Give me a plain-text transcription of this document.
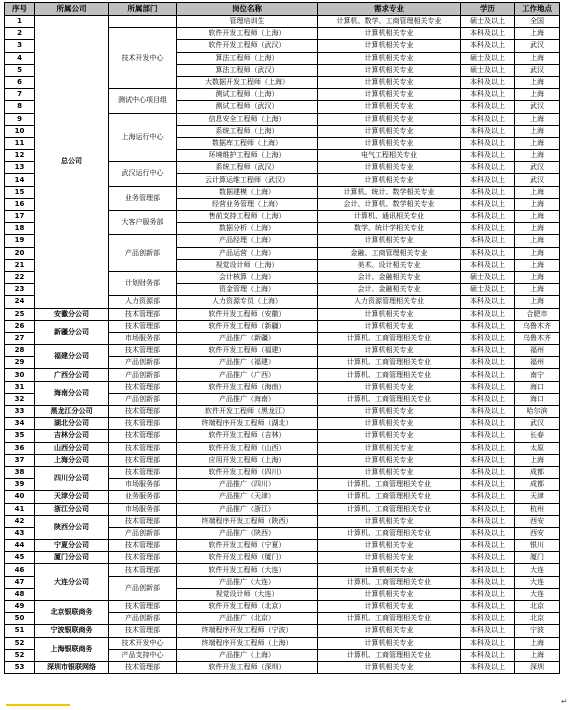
序号	所属公司	所属部门	岗位名称	需求专业	学历	工作地点
1	总公司		管理培训生	计算机、数学、工商管理相关专业	硕士及以上	全国
2		技术开发中心	软件开发工程师（上海）	计算机相关专业	本科及以上	上海
3			软件开发工程师（武汉）	计算机相关专业	本科及以上	武汉
4			算法工程师（上海）	计算机相关专业	硕士及以上	上海
5			算法工程师（武汉）	计算机相关专业	硕士及以上	武汉
6			大数据开发工程师（上海）	计算机相关专业	本科及以上	上海
7		测试中心项目组	测试工程师（上海）	计算机相关专业	本科及以上	上海
8			测试工程师（武汉）	计算机相关专业	本科及以上	武汉
9		上海运行中心	信息安全工程师（上海）	计算机相关专业	本科及以上	上海
10			系统工程师（上海）	计算机相关专业	本科及以上	上海
11			数据库工程师（上海）	计算机相关专业	本科及以上	上海
12			环境维护工程师（上海）	电气工程相关专业	本科及以上	上海
13		武汉运行中心	系统工程师（武汉）	计算机相关专业	本科及以上	武汉
14			云计算运维工程师（武汉）	计算机相关专业	本科及以上	武汉
15		业务管理部	数据建模（上海）	计算机、统计、数学相关专业	本科及以上	上海
16			经营业务管理（上海）	会计、计算机、数学相关专业	本科及以上	上海
17		大客户服务部	售前支持工程师（上海）	计算机、通讯相关专业	本科及以上	上海
18			数据分析（上海）	数学、统计学相关专业	本科及以上	上海
19		产品创新部	产品经理（上海）	计算机相关专业	本科及以上	上海
20			产品运营（上海）	金融、工商管理相关专业	本科及以上	上海
21			视觉设计师（上海）	美术、设计相关专业	本科及以上	上海
22		计划财务部	会计核算（上海）	会计、金融相关专业	硕士及以上	上海
23			资金管理（上海）	会计、金融相关专业	硕士及以上	上海
24		人力资源部	人力资源专员（上海）	人力资源管理相关专业	本科及以上	上海
25	安徽分公司	技术管理部	软件开发工程师（安徽）	计算机相关专业	本科及以上	合肥市
26	新疆分公司	技术管理部	软件开发工程师（新疆）	计算机相关专业	本科及以上	乌鲁木齐
27		市场服务部	产品推广（新疆）	计算机、工商管理相关专业	本科及以上	乌鲁木齐
28	福建分公司	技术管理部	软件开发工程师（福建）	计算机相关专业	本科及以上	福州
29		产品创新部	产品推广（福建）	计算机、工商管理相关专业	本科及以上	福州
30	广西分公司	产品创新部	产品推广（广西）	计算机、工商管理相关专业	本科及以上	南宁
31	海南分公司	技术管理部	软件开发工程师（海南）	计算机相关专业	本科及以上	海口
32		产品创新部	产品推广（海南）	计算机、工商管理相关专业	本科及以上	海口
33	黑龙江分公司	技术管理部	软件开发工程师（黑龙江）	计算机相关专业	本科及以上	哈尔滨
34	湖北分公司	技术管理部	终端程序开发工程师（湖北）	计算机相关专业	本科及以上	武汉
35	吉林分公司	技术管理部	软件开发工程师（吉林）	计算机相关专业	本科及以上	长春
36	山西分公司	技术管理部	软件开发工程师（山西）	计算机相关专业	本科及以上	太原
37	上海分公司	技术管理部	应用开发工程师（上海）	计算机相关专业	本科及以上	上海
38	四川分公司	技术管理部	软件开发工程师（四川）	计算机相关专业	本科及以上	成都
39		市场服务部	产品推广（四川）	计算机、工商管理相关专业	本科及以上	成都
40	天津分公司	业务服务部	产品推广（天津）	计算机、工商管理相关专业	本科及以上	天津
41	浙江分公司	市场服务部	产品推广（浙江）	计算机、工商管理相关专业	本科及以上	杭州
42	陕西分公司	技术管理部	终端程序开发工程师（陕西）	计算机相关专业	本科及以上	西安
43		产品创新部	产品推广（陕西）	计算机、工商管理相关专业	本科及以上	西安
44	宁夏分公司	技术管理部	软件开发工程师（宁夏）	计算机相关专业	本科及以上	银川
45	厦门分公司	技术管理部	软件开发工程师（厦门）	计算机相关专业	本科及以上	厦门
46	大连分公司	技术管理部	软件开发工程师（大连）	计算机相关专业	本科及以上	大连
47		产品创新部	产品推广（大连）	计算机、工商管理相关专业	本科及以上	大连
48			视觉设计师（大连）	计算机相关专业	本科及以上	大连
49	北京银联商务	技术管理部	软件开发工程师（北京）	计算机相关专业	本科及以上	北京
50		产品创新部	产品推广（北京）	计算机、工商管理相关专业	本科及以上	北京
51	宁波银联商务	技术管理部	终端程序开发工程师（宁波）	计算机相关专业	本科及以上	宁波
52	上海银联商务	技术开发中心	终端程序开发工程师（上海）	计算机相关专业	本科及以上	上海
52		产品支持中心	产品推广（上海）	计算机、工商管理相关专业	本科及以上	上海
53	深圳市银联网络	技术管理部	软件开发工程师（深圳）	计算机相关专业	本科及以上	深圳
↵
